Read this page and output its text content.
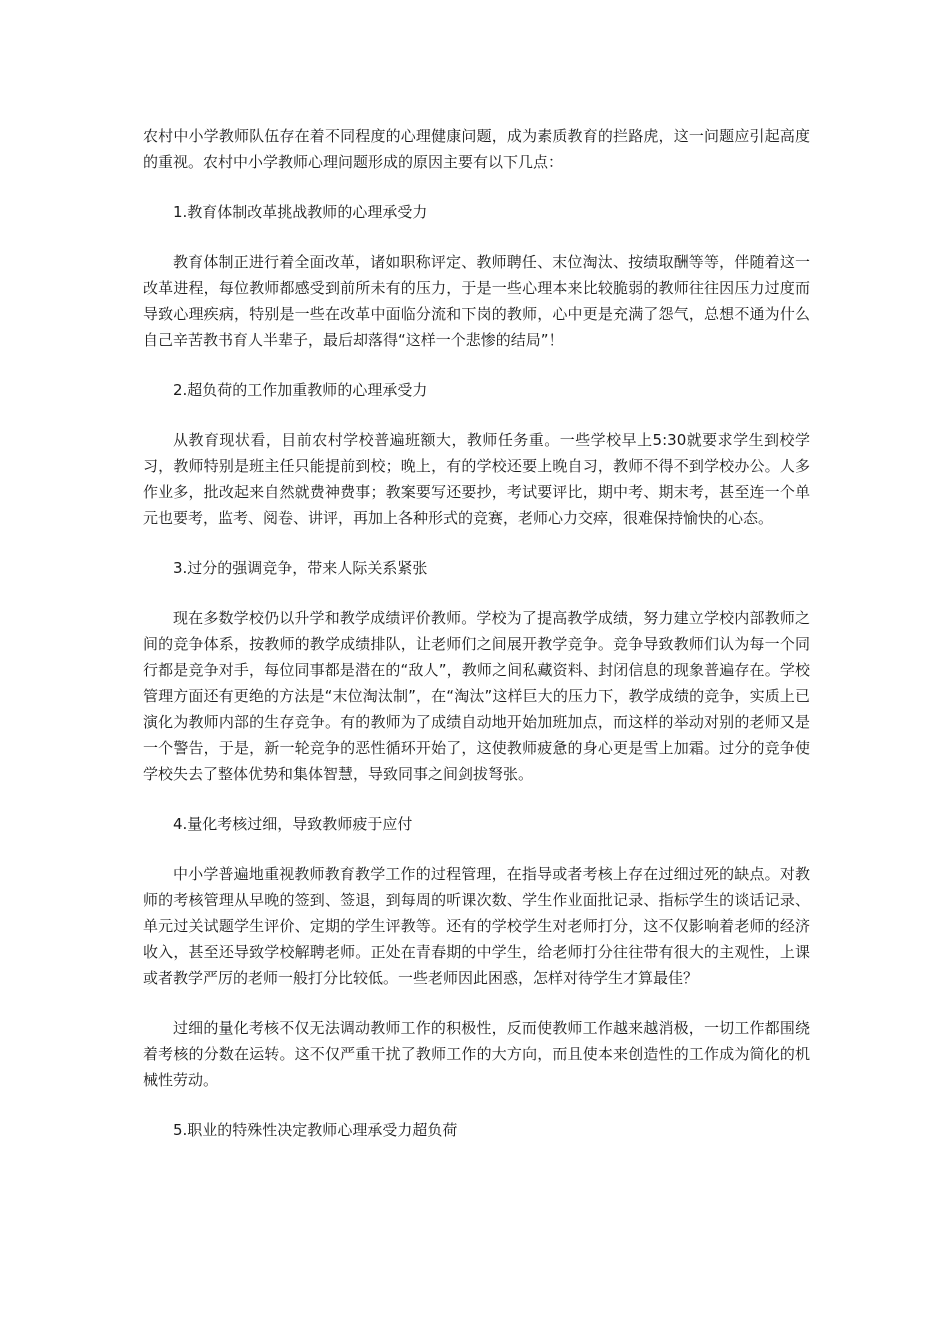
农村中小学教师队伍存在着不同程度的心理健康问题，成为素质教育的拦路虎，这一问题应引起高度的重视。农村中小学教师心理问题形成的原因主要有以下几点：

1.教育体制改革挑战教师的心理承受力

教育体制正进行着全面改革，诸如职称评定、教师聘任、末位淘汰、按绩取酬等等，伴随着这一改革进程，每位教师都感受到前所未有的压力，于是一些心理本来比较脆弱的教师往往因压力过度而导致心理疾病，特别是一些在改革中面临分流和下岗的教师，心中更是充满了怨气，总想不通为什么自己辛苦教书育人半辈子，最后却落得“这样一个悲惨的结局”！

2.超负荷的工作加重教师的心理承受力

从教育现状看，目前农村学校普遍班额大，教师任务重。一些学校早上5:30就要求学生到校学习，教师特别是班主任只能提前到校；晚上，有的学校还要上晚自习，教师不得不到学校办公。人多作业多，批改起来自然就费神费事；教案要写还要抄，考试要评比，期中考、期末考，甚至连一个单元也要考，监考、阅卷、讲评，再加上各种形式的竞赛，老师心力交瘁，很难保持愉快的心态。

3.过分的强调竞争，带来人际关系紧张

现在多数学校仍以升学和教学成绩评价教师。学校为了提高教学成绩，努力建立学校内部教师之间的竞争体系，按教师的教学成绩排队，让老师们之间展开教学竞争。竞争导致教师们认为每一个同行都是竞争对手，每位同事都是潜在的“敌人”，教师之间私藏资料、封闭信息的现象普遍存在。学校管理方面还有更绝的方法是“末位淘汰制”，在“淘汰”这样巨大的压力下，教学成绩的竞争，实质上已演化为教师内部的生存竞争。有的教师为了成绩自动地开始加班加点，而这样的举动对别的老师又是一个警告，于是，新一轮竞争的恶性循环开始了，这使教师疲惫的身心更是雪上加霜。过分的竞争使学校失去了整体优势和集体智慧，导致同事之间剑拔弩张。

4.量化考核过细，导致教师疲于应付

中小学普遍地重视教师教育教学工作的过程管理，在指导或者考核上存在过细过死的缺点。对教师的考核管理从早晚的签到、签退，到每周的听课次数、学生作业面批记录、指标学生的谈话记录、单元过关试题学生评价、定期的学生评教等。还有的学校学生对老师打分，这不仅影响着老师的经济收入，甚至还导致学校解聘老师。正处在青春期的中学生，给老师打分往往带有很大的主观性，上课或者教学严厉的老师一般打分比较低。一些老师因此困惑，怎样对待学生才算最佳？

过细的量化考核不仅无法调动教师工作的积极性，反而使教师工作越来越消极，一切工作都围绕着考核的分数在运转。这不仅严重干扰了教师工作的大方向，而且使本来创造性的工作成为简化的机械性劳动。

5.职业的特殊性决定教师心理承受力超负荷
